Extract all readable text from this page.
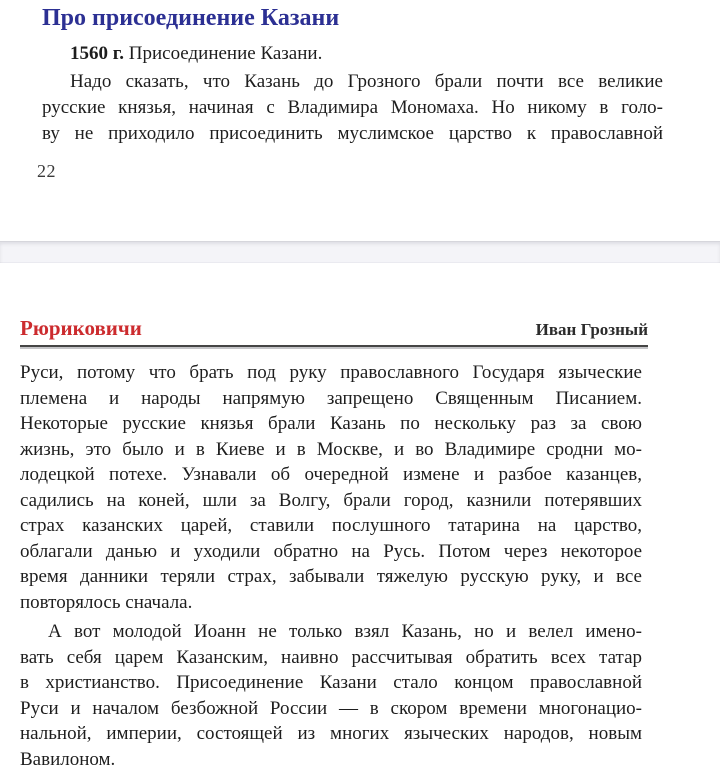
Про присоединение Казани

1560 г. Присоединение Казани.

Надо сказать, что Казань до Грозного брали почти все великие
русские князья, начиная с Владимира Мономаха. Но никому в голо-
ву не приходило присоединить муслимское царство к православной
22
Рюриковичи	Иван Грозный
Руси, потому что брать под руку православного Государя языческие
племена и народы напрямую запрещено Священным Писанием.
Некоторые русские князья брали Казань по нескольку раз за свою
жизнь, это было и в Киеве и в Москве, и во Владимире сродни мо-
лодецкой потехе. Узнавали об очередной измене и разбое казанцев,
садились на коней, шли за Волгу, брали город, казнили потерявших
страх казанских царей, ставили послушного татарина на царство,
облагали данью и уходили обратно на Русь. Потом через некоторое
время данники теряли страх, забывали тяжелую русскую руку, и все
повторялось сначала.
А вот молодой Иоанн не только взял Казань, но и велел имено-
вать себя царем Казанским, наивно рассчитывая обратить всех татар
в христианство. Присоединение Казани стало концом православной
Руси и началом безбожной России — в скором времени многонацио-
нальной, империи, состоящей из многих языческих народов, новым
Вавилоном.
